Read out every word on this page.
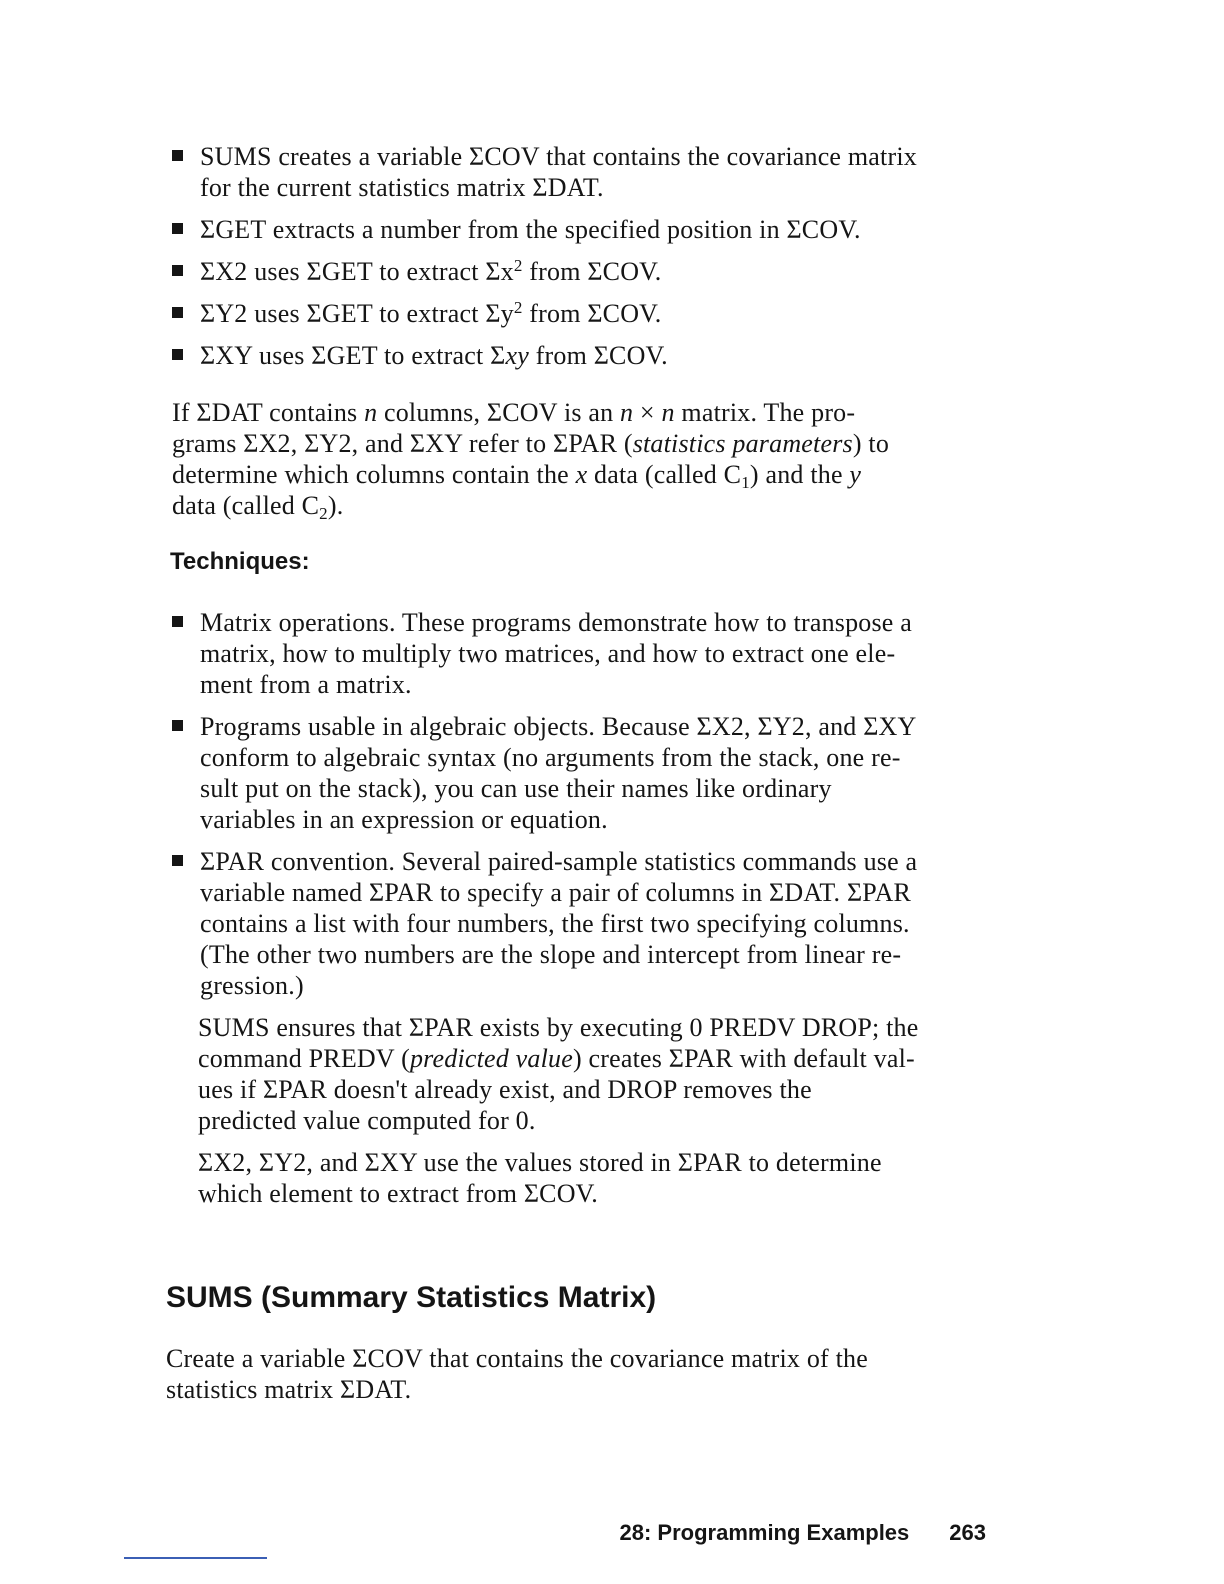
SUMS creates a variable ΣCOV that contains the covariance matrix
for the current statistics matrix ΣDAT.
ΣGET extracts a number from the specified position in ΣCOV.
ΣX2 uses ΣGET to extract $\Sigma x^2$ from ΣCOV.
ΣY2 uses ΣGET to extract $\Sigma y^2$ from ΣCOV.
ΣXY uses ΣGET to extract Σxy from ΣCOV.
If ΣDAT contains n columns, ΣCOV is an n × n matrix. The pro-
grams ΣX2, ΣY2, and ΣXY refer to ΣPAR (statistics parameters) to
determine which columns contain the x data (called $C_1$) and the y
data (called $C_2$).
Techniques:
Matrix operations. These programs demonstrate how to transpose a
matrix, how to multiply two matrices, and how to extract one ele-
ment from a matrix.
Programs usable in algebraic objects. Because ΣX2, ΣY2, and ΣXY
conform to algebraic syntax (no arguments from the stack, one re-
sult put on the stack), you can use their names like ordinary
variables in an expression or equation.
ΣPAR convention. Several paired-sample statistics commands use a
variable named ΣPAR to specify a pair of columns in ΣDAT. ΣPAR
contains a list with four numbers, the first two specifying columns.
(The other two numbers are the slope and intercept from linear re-
gression.)
SUMS ensures that ΣPAR exists by executing 0 PREDV DROP; the
command PREDV (predicted value) creates ΣPAR with default val-
ues if ΣPAR doesn't already exist, and DROP removes the
predicted value computed for 0.
ΣX2, ΣY2, and ΣXY use the values stored in ΣPAR to determine
which element to extract from ΣCOV.
SUMS (Summary Statistics Matrix)
Create a variable ΣCOV that contains the covariance matrix of the
statistics matrix ΣDAT.
28: Programming Examples 263
